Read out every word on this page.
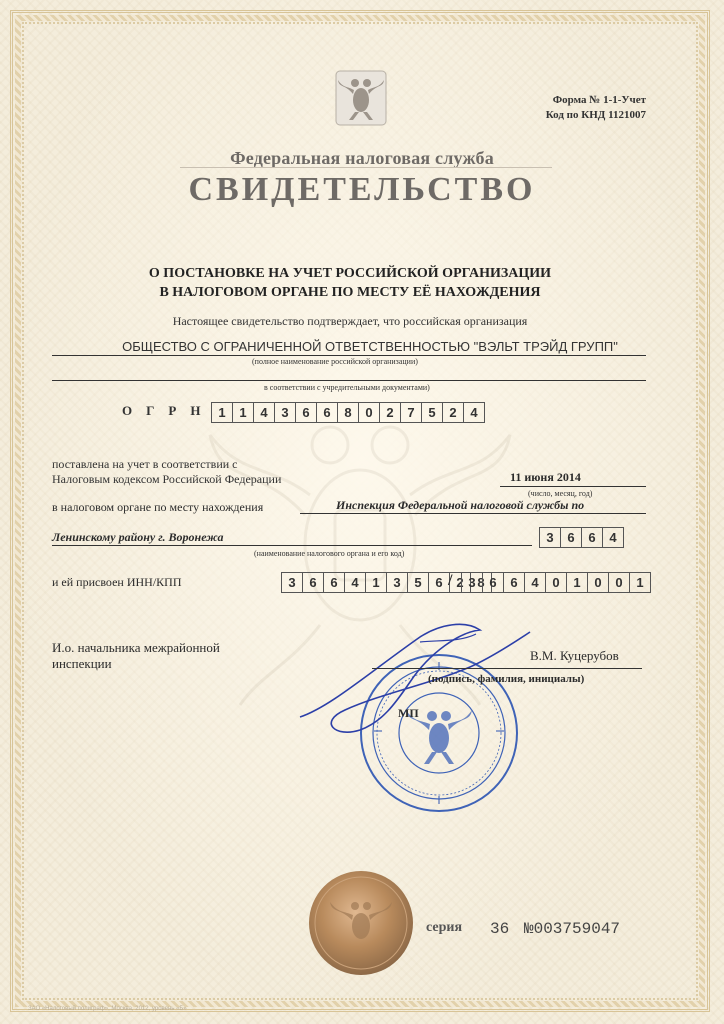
Форма № 1-1-Учет
Код по КНД 1121007
Федеральная налоговая служба
СВИДЕТЕЛЬСТВО
О ПОСТАНОВКЕ НА УЧЕТ РОССИЙСКОЙ ОРГАНИЗАЦИИ
В НАЛОГОВОМ ОРГАНЕ ПО МЕСТУ ЕЁ НАХОЖДЕНИЯ
Настоящее свидетельство подтверждает, что российская организация
ОБЩЕСТВО С ОГРАНИЧЕННОЙ ОТВЕТСТВЕННОСТЬЮ "ВЭЛЬТ ТРЭЙД ГРУПП"
(полное наименование российской организации)
в соответствии с учредительными документами)
ОГРН 1	1	4	3	6	6	8	0	2	7	5	2	4
поставлена на учет в соответствии с
Налоговым кодексом Российской Федерации	11 июня 2014
(число, месяц, год)
в налоговом органе по месту нахождения	Инспекция Федеральной налоговой службы по
Ленинскому району г. Воронежа	3	6	6	4
(наименование налогового органа и его код)
и ей присвоен ИНН/КПП	3	6	6	4	1	3	5	6	2	8
/	3	6	6	4	0	1	0	0	1
И.о. начальника межрайонной
инспекции
В.М. Куцерубов
(подпись, фамилия, инициалы)
МП
серия 36 №003759047
ЗАО «Налоговый полиграф», Москва, 2012, уровень «Б»
